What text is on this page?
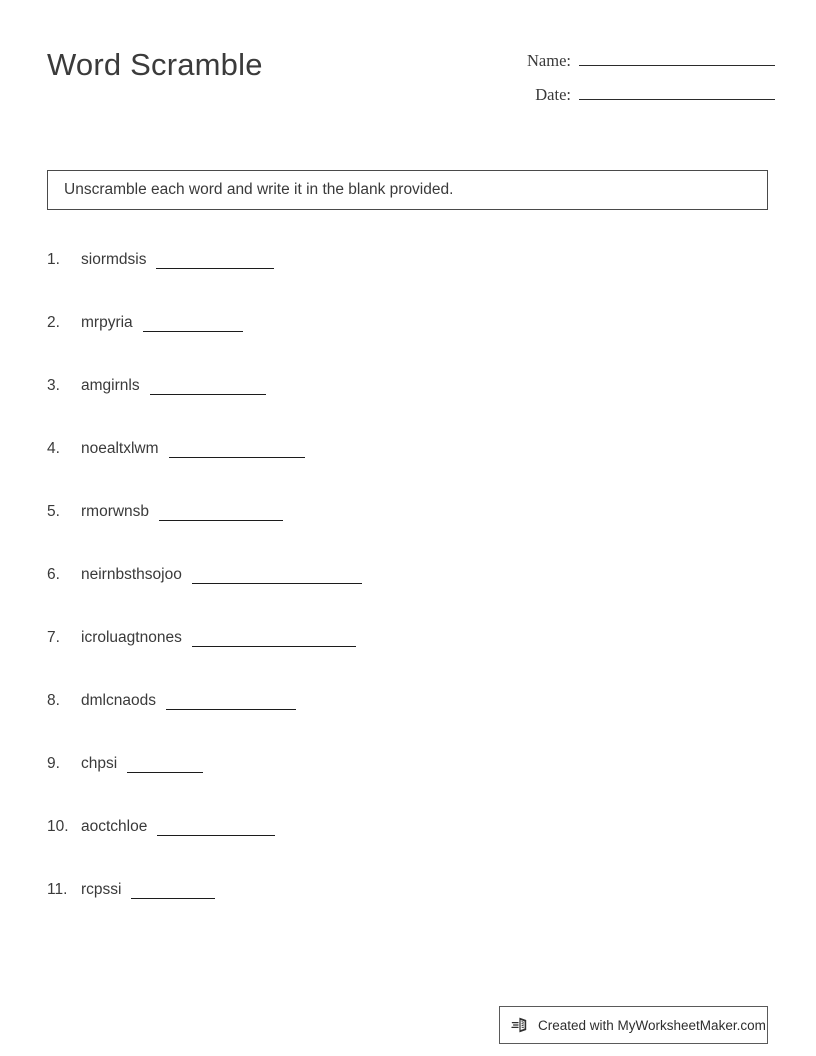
Word Scramble	Name:
Date:
Unscramble each word and write it in the blank provided.
1.	siormdsis
2.	mrpyria
3.	amgirnls
4.	noealtxlwm
5.	rmorwnsb
6.	neirnbsthsojoo
7.	icroluagtnones
8.	dmlcnaods
9.	chpsi
10. aoctchloe
11. rcpssi
Created with MyWorksheetMaker.com
